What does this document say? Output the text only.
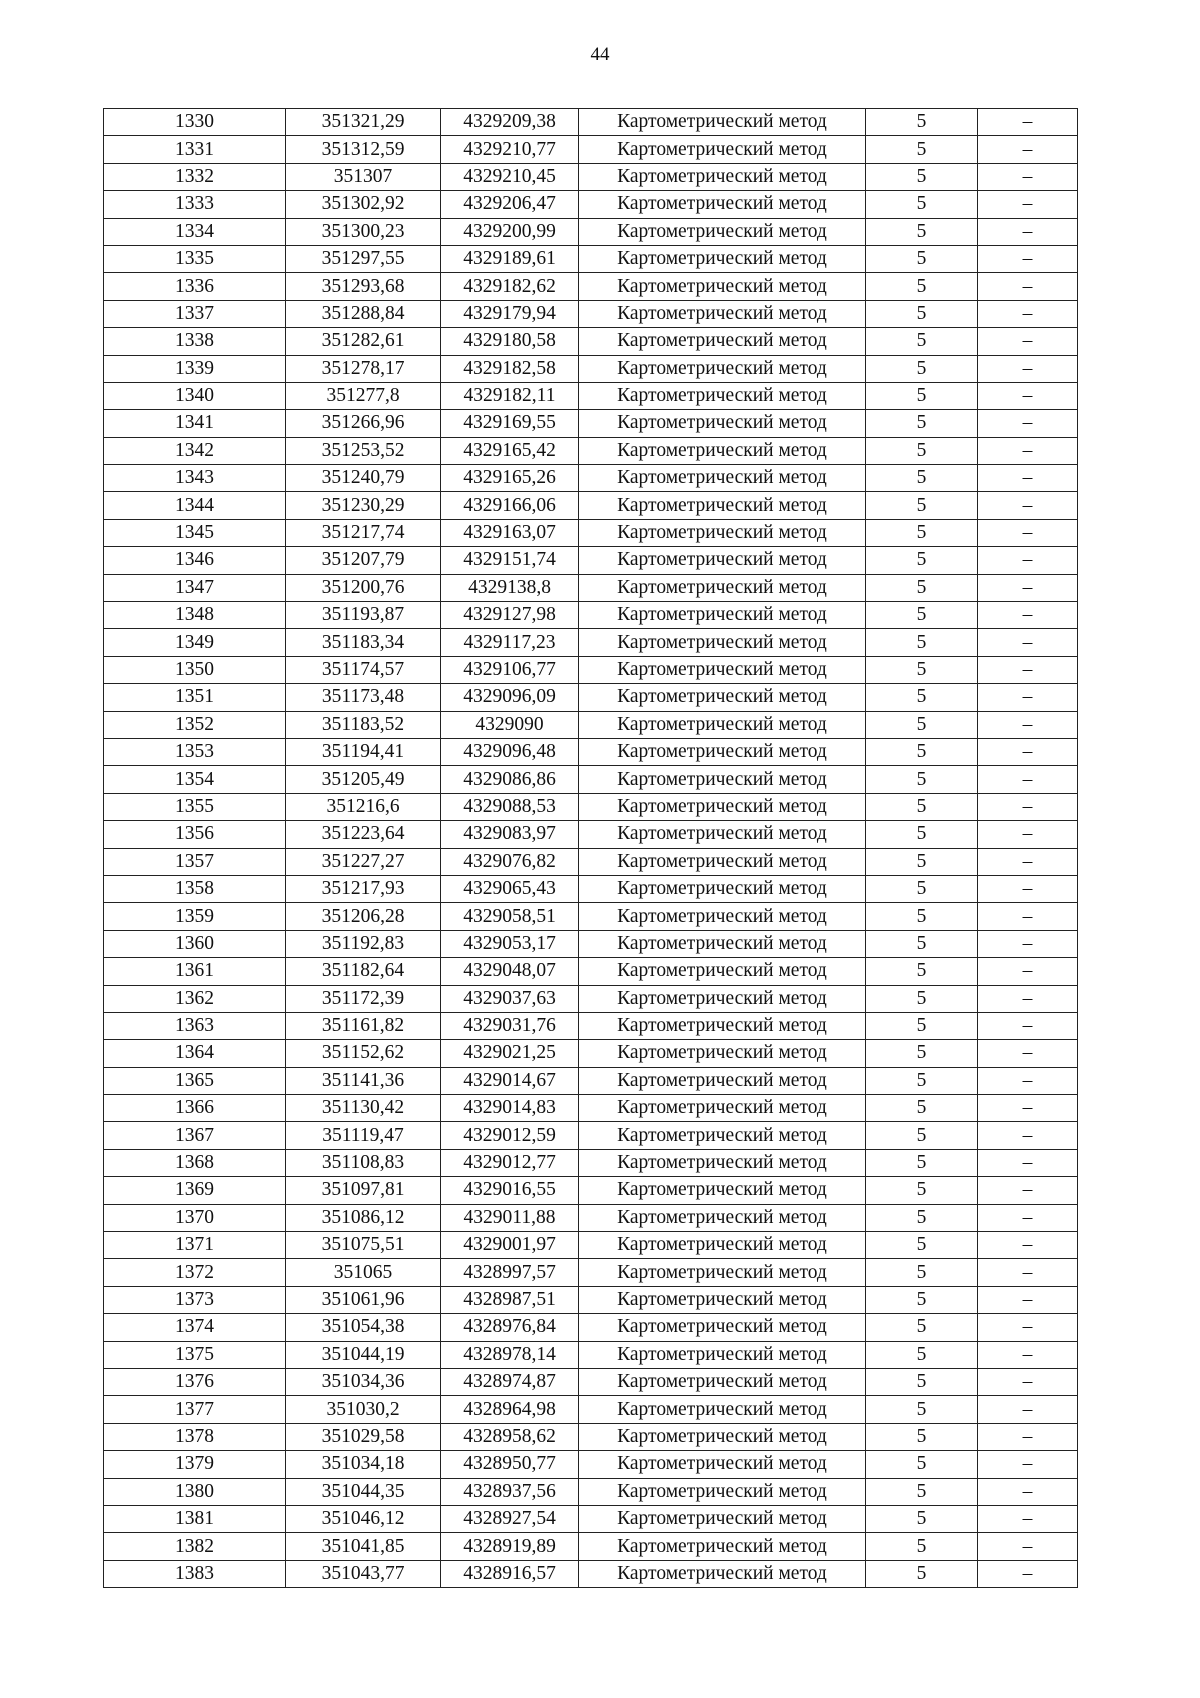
44
1330	351321,29	4329209,38	Картометрический метод	5	–
1331	351312,59	4329210,77	Картометрический метод	5	–
1332	351307	4329210,45	Картометрический метод	5	–
1333	351302,92	4329206,47	Картометрический метод	5	–
1334	351300,23	4329200,99	Картометрический метод	5	–
1335	351297,55	4329189,61	Картометрический метод	5	–
1336	351293,68	4329182,62	Картометрический метод	5	–
1337	351288,84	4329179,94	Картометрический метод	5	–
1338	351282,61	4329180,58	Картометрический метод	5	–
1339	351278,17	4329182,58	Картометрический метод	5	–
1340	351277,8	4329182,11	Картометрический метод	5	–
1341	351266,96	4329169,55	Картометрический метод	5	–
1342	351253,52	4329165,42	Картометрический метод	5	–
1343	351240,79	4329165,26	Картометрический метод	5	–
1344	351230,29	4329166,06	Картометрический метод	5	–
1345	351217,74	4329163,07	Картометрический метод	5	–
1346	351207,79	4329151,74	Картометрический метод	5	–
1347	351200,76	4329138,8	Картометрический метод	5	–
1348	351193,87	4329127,98	Картометрический метод	5	–
1349	351183,34	4329117,23	Картометрический метод	5	–
1350	351174,57	4329106,77	Картометрический метод	5	–
1351	351173,48	4329096,09	Картометрический метод	5	–
1352	351183,52	4329090	Картометрический метод	5	–
1353	351194,41	4329096,48	Картометрический метод	5	–
1354	351205,49	4329086,86	Картометрический метод	5	–
1355	351216,6	4329088,53	Картометрический метод	5	–
1356	351223,64	4329083,97	Картометрический метод	5	–
1357	351227,27	4329076,82	Картометрический метод	5	–
1358	351217,93	4329065,43	Картометрический метод	5	–
1359	351206,28	4329058,51	Картометрический метод	5	–
1360	351192,83	4329053,17	Картометрический метод	5	–
1361	351182,64	4329048,07	Картометрический метод	5	–
1362	351172,39	4329037,63	Картометрический метод	5	–
1363	351161,82	4329031,76	Картометрический метод	5	–
1364	351152,62	4329021,25	Картометрический метод	5	–
1365	351141,36	4329014,67	Картометрический метод	5	–
1366	351130,42	4329014,83	Картометрический метод	5	–
1367	351119,47	4329012,59	Картометрический метод	5	–
1368	351108,83	4329012,77	Картометрический метод	5	–
1369	351097,81	4329016,55	Картометрический метод	5	–
1370	351086,12	4329011,88	Картометрический метод	5	–
1371	351075,51	4329001,97	Картометрический метод	5	–
1372	351065	4328997,57	Картометрический метод	5	–
1373	351061,96	4328987,51	Картометрический метод	5	–
1374	351054,38	4328976,84	Картометрический метод	5	–
1375	351044,19	4328978,14	Картометрический метод	5	–
1376	351034,36	4328974,87	Картометрический метод	5	–
1377	351030,2	4328964,98	Картометрический метод	5	–
1378	351029,58	4328958,62	Картометрический метод	5	–
1379	351034,18	4328950,77	Картометрический метод	5	–
1380	351044,35	4328937,56	Картометрический метод	5	–
1381	351046,12	4328927,54	Картометрический метод	5	–
1382	351041,85	4328919,89	Картометрический метод	5	–
1383	351043,77	4328916,57	Картометрический метод	5	–
